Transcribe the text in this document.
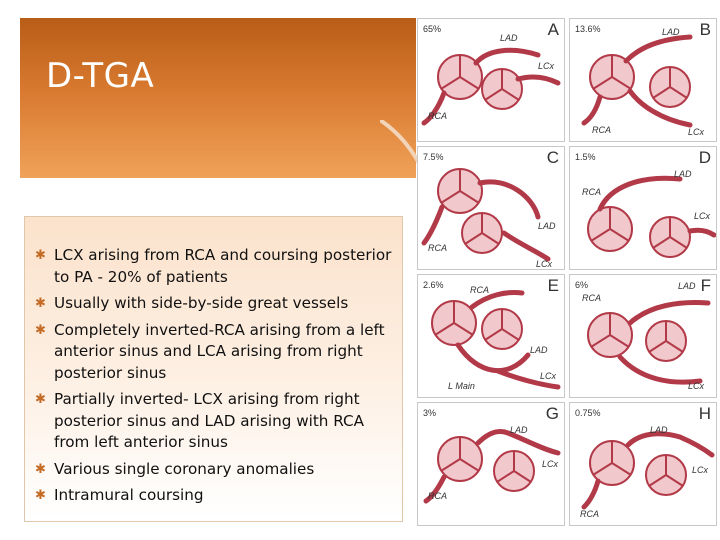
D-TGA
✱ LCX arising from RCA and coursing posterior to PA - 20% of patients
✱ Usually with side-by-side great vessels
✱ Completely inverted-RCA arising from a left anterior sinus and LCA arising from right posterior sinus
✱ Partially inverted- LCX arising from right posterior sinus and LAD arising with RCA from left anterior sinus
✱ Various single coronary anomalies
✱ Intramural coursing
65%	A
LAD
LCx
RCA
13.6%	B
LAD
RCA	LCx
7.5%	C
LAD
RCA
LCx
1.5%	D
LAD
RCA
LCx
2.6%	E
RCA
LAD
LCx
L Main
6%	F
LAD
RCA
LCx
3%	G
LAD
LCx
RCA
0.75%	H
LAD
LCx
RCA
